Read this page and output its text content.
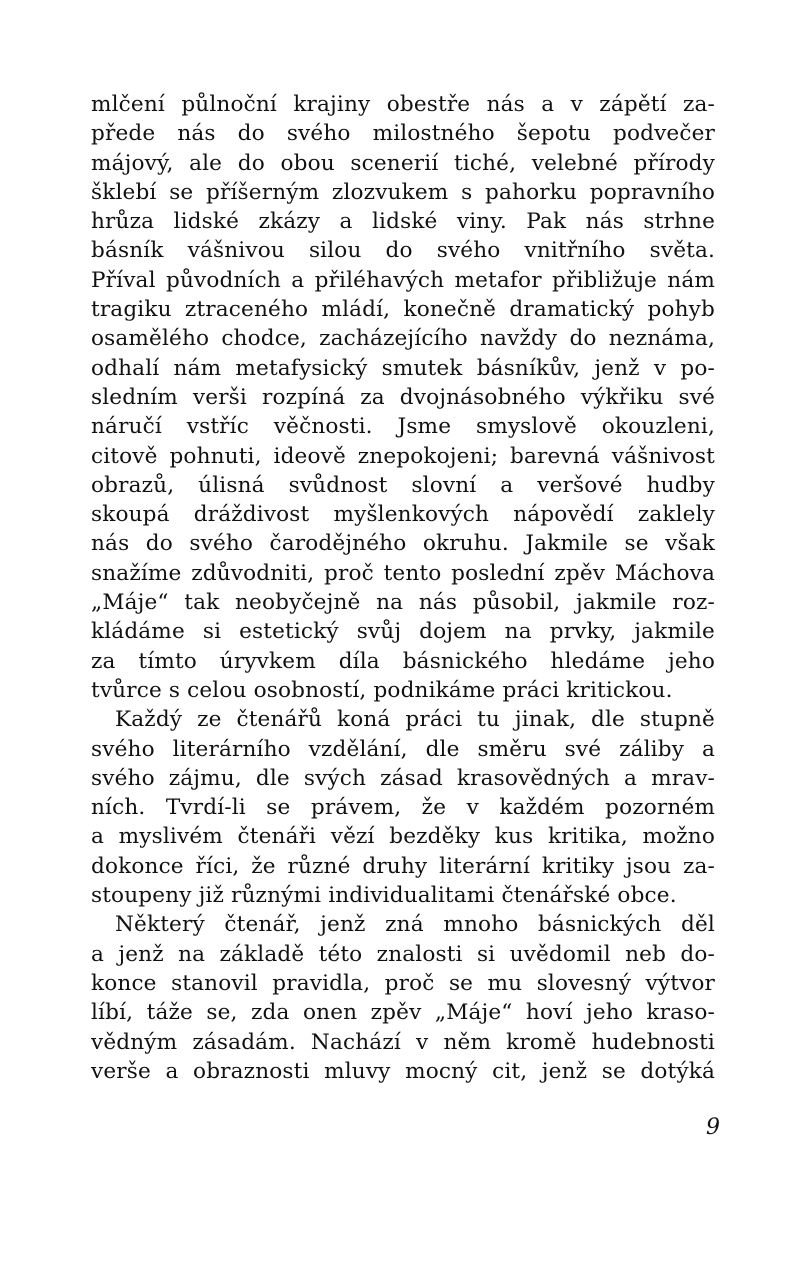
mlčení půlnoční krajiny obestře nás a v zápětí za-
přede nás do svého milostného šepotu podvečer
májový, ale do obou scenerií tiché, velebné přírody
šklebí se příšerným zlozvukem s pahorku popravního
hrůza lidské zkázy a lidské viny. Pak nás strhne
básník vášnivou silou do svého vnitřního světa.
Příval původních a přiléhavých metafor přibližuje nám
tragiku ztraceného mládí, konečně dramatický pohyb
osamělého chodce, zacházejícího navždy do neznáma,
odhalí nám metafysický smutek básníkův, jenž v po-
sledním verši rozpíná za dvojnásobného výkřiku své
náručí vstříc věčnosti. Jsme smyslově okouzleni,
citově pohnuti, ideově znepokojeni; barevná vášnivost
obrazů, úlisná svůdnost slovní a veršové hudby
skoupá dráždivost myšlenkových nápovědí zaklely
nás do svého čarodějného okruhu. Jakmile se však
snažíme zdůvodniti, proč tento poslední zpěv Máchova
„Máje“ tak neobyčejně na nás působil, jakmile roz-
kládáme si estetický svůj dojem na prvky, jakmile
za tímto úryvkem díla básnického hledáme jeho
tvůrce s celou osobností, podnikáme práci kritickou.
Každý ze čtenářů koná práci tu jinak, dle stupně
svého literárního vzdělání, dle směru své záliby a
svého zájmu, dle svých zásad krasovědných a mrav-
ních. Tvrdí-li se právem, že v každém pozorném
a myslivém čtenáři vězí bezděky kus kritika, možno
dokonce říci, že různé druhy literární kritiky jsou za-
stoupeny již různými individualitami čtenářské obce.
Některý čtenář, jenž zná mnoho básnických děl
a jenž na základě této znalosti si uvědomil neb do-
konce stanovil pravidla, proč se mu slovesný výtvor
líbí, táže se, zda onen zpěv „Máje“ hoví jeho kraso-
vědným zásadám. Nachází v něm kromě hudebnosti
verše a obraznosti mluvy mocný cit, jenž se dotýká
9
